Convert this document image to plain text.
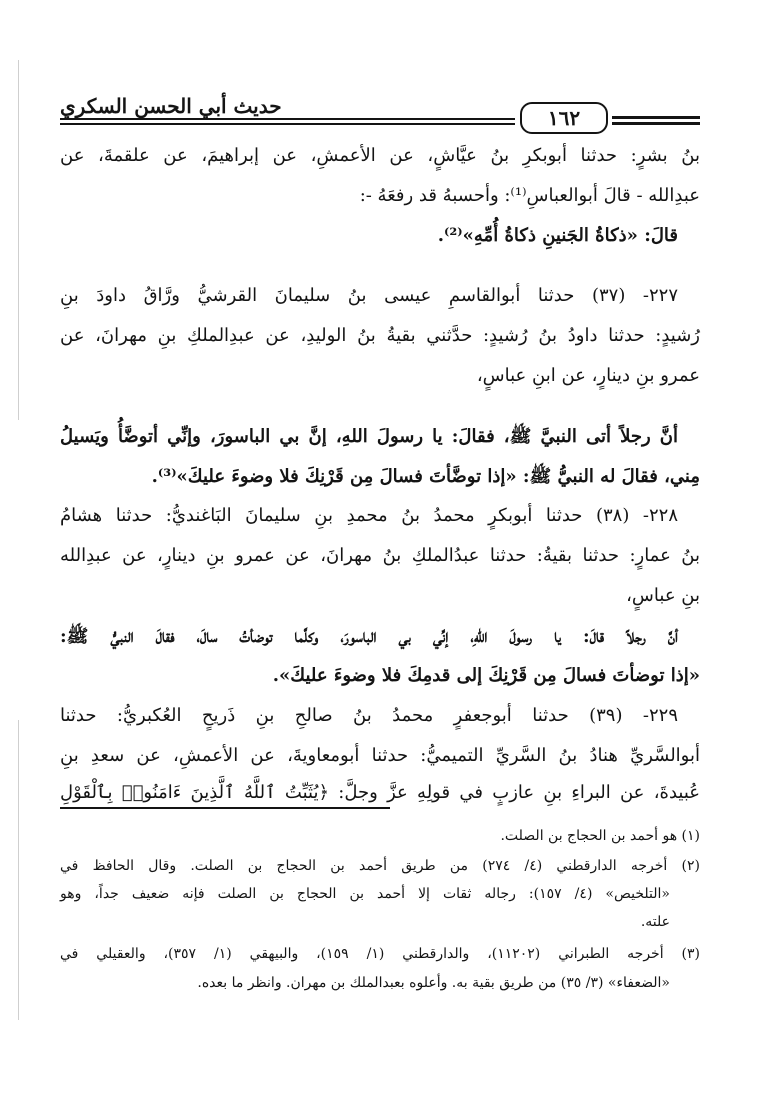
حديث أبي الحسن السكري	١٦٢
بنُ بشرٍ: حدثنا أبوبكرِ بنُ عيَّاشٍ، عن الأعمشِ، عن إبراهيمَ، عن علقمةَ، عن
عبدِالله - قالَ أبوالعباسِ⁽¹⁾: وأحسبهُ قد رفعَهُ -:
قالَ: «ذكاةُ الجَنينِ ذكاةُ أُمِّهِ»⁽²⁾.
٢٢٧- (٣٧) حدثنا أبوالقاسمِ عيسى بنُ سليمانَ القرشيُّ ورَّاقُ داودَ بنِ
رُشيدٍ: حدثنا داودُ بنُ رُشيدٍ: حدَّثني بقيةُ بنُ الوليدِ، عن عبدِالملكِ بنِ مهرانَ، عن
عمرو بنِ دينارٍ، عن ابنِ عباسٍ،
أنَّ رجلاً أتى النبيَّ ﷺ، فقالَ: يا رسولَ اللهِ، إنَّ بي الباسورَ، وإنِّي أتوضَّأُ ويَسيلُ
مِني، فقالَ له النبيُّ ﷺ: «إذا توضَّأتَ فسالَ مِن قَرْنِكَ فلا وضوءَ عليكَ»⁽³⁾.
٢٢٨- (٣٨) حدثنا أبوبكرٍ محمدُ بنُ محمدِ بنِ سليمانَ البَاغنديُّ: حدثنا هشامُ
بنُ عمارٍ: حدثنا بقيةُ: حدثنا عبدُالملكِ بنُ مهرانَ، عن عمرو بنِ دينارٍ، عن عبدِالله
بنِ عباسٍ،
أنَّ رجلاً قالَ: يا رسولَ اللهِ، إنِّي بي الباسورَ، وكلَّما توضأتُ سالَ، فقالَ النبيُّ ﷺ:
«إذا توضأتَ فسالَ مِن قَرْنِكَ إلى قدمِكَ فلا وضوءَ عليكَ».
٢٢٩- (٣٩) حدثنا أبوجعفرٍ محمدُ بنُ صالحِ بنِ ذَريحٍ العُكبريُّ: حدثنا
أبوالسَّريِّ هنادُ بنُ السَّريِّ التميميُّ: حدثنا أبومعاويةَ، عن الأعمشِ، عن سعدِ بنِ
عُبيدةَ، عن البراءِ بنِ عازبٍ في قولِهِ عزَّ وجلَّ: ﴿يُثَبِّتُ ٱللَّهُ ٱلَّذِينَ ءَامَنُوا۟ بِٱلْقَوْلِ
(١) هو أحمد بن الحجاج بن الصلت.
(٢) أخرجه الدارقطني (٤/ ٢٧٤) من طريق أحمد بن الحجاج بن الصلت. وقال الحافظ في
«التلخيص» (٤/ ١٥٧): رجاله ثقات إلا أحمد بن الحجاج بن الصلت فإنه ضعيف جداً، وهو
علته.
(٣) أخرجه الطبراني (١١٢٠٢)، والدارقطني (١/ ١٥٩)، والبيهقي (١/ ٣٥٧)، والعقيلي في
«الضعفاء» (٣/ ٣٥) من طريق بقية به. وأعلوه بعبدالملك بن مهران. وانظر ما بعده.
